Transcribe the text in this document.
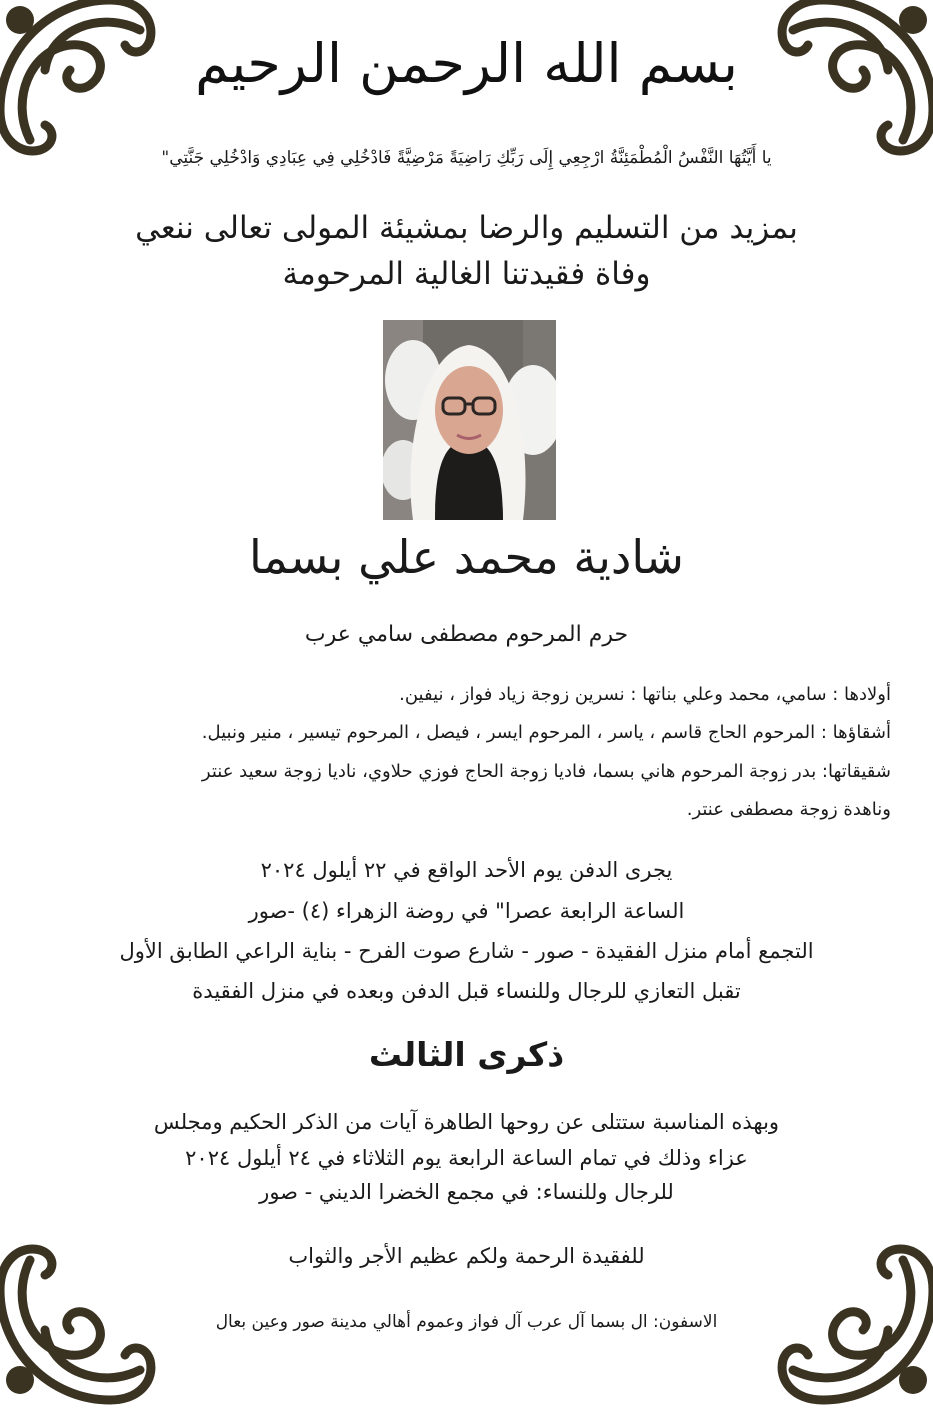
بسم الله الرحمن الرحيم
يا أَيَّتُهَا النَّفْسُ الْمُطْمَئِنَّةُ ارْجِعِي إِلَى رَبِّكِ رَاضِيَةً مَرْضِيَّةً فَادْخُلِي فِي عِبَادِي وَادْخُلِي جَنَّتِي"
بمزيد من التسليم والرضا بمشيئة المولى تعالى ننعي
وفاة فقيدتنا الغالية المرحومة
شادية محمد علي بسما
حرم المرحوم مصطفى سامي عرب
أولادها : سامي، محمد وعلي بناتها : نسرين زوجة زياد فواز ، نيفين.
أشقاؤها : المرحوم الحاج قاسم ، ياسر ، المرحوم ايسر ، فيصل ، المرحوم تيسير ، منير ونبيل.
شقيقاتها: بدر زوجة المرحوم هاني بسما، فاديا زوجة الحاج فوزي حلاوي، ناديا زوجة سعيد عنتر
وناهدة زوجة مصطفى عنتر.
يجرى الدفن يوم الأحد الواقع في ٢٢ أيلول ٢٠٢٤
الساعة الرابعة عصرا" في روضة الزهراء (٤) -صور
التجمع أمام منزل الفقيدة - صور - شارع صوت الفرح - بناية الراعي الطابق الأول
تقبل التعازي للرجال وللنساء قبل الدفن وبعده في منزل الفقيدة
ذكرى الثالث
وبهذه المناسبة ستتلى عن روحها الطاهرة آيات من الذكر الحكيم ومجلس
عزاء وذلك في تمام الساعة الرابعة يوم الثلاثاء في ٢٤ أيلول ٢٠٢٤
للرجال وللنساء: في مجمع الخضرا الديني - صور
للفقيدة الرحمة ولكم عظيم الأجر والثواب
الاسفون: ال بسما آل عرب آل فواز وعموم أهالي مدينة صور وعين بعال
